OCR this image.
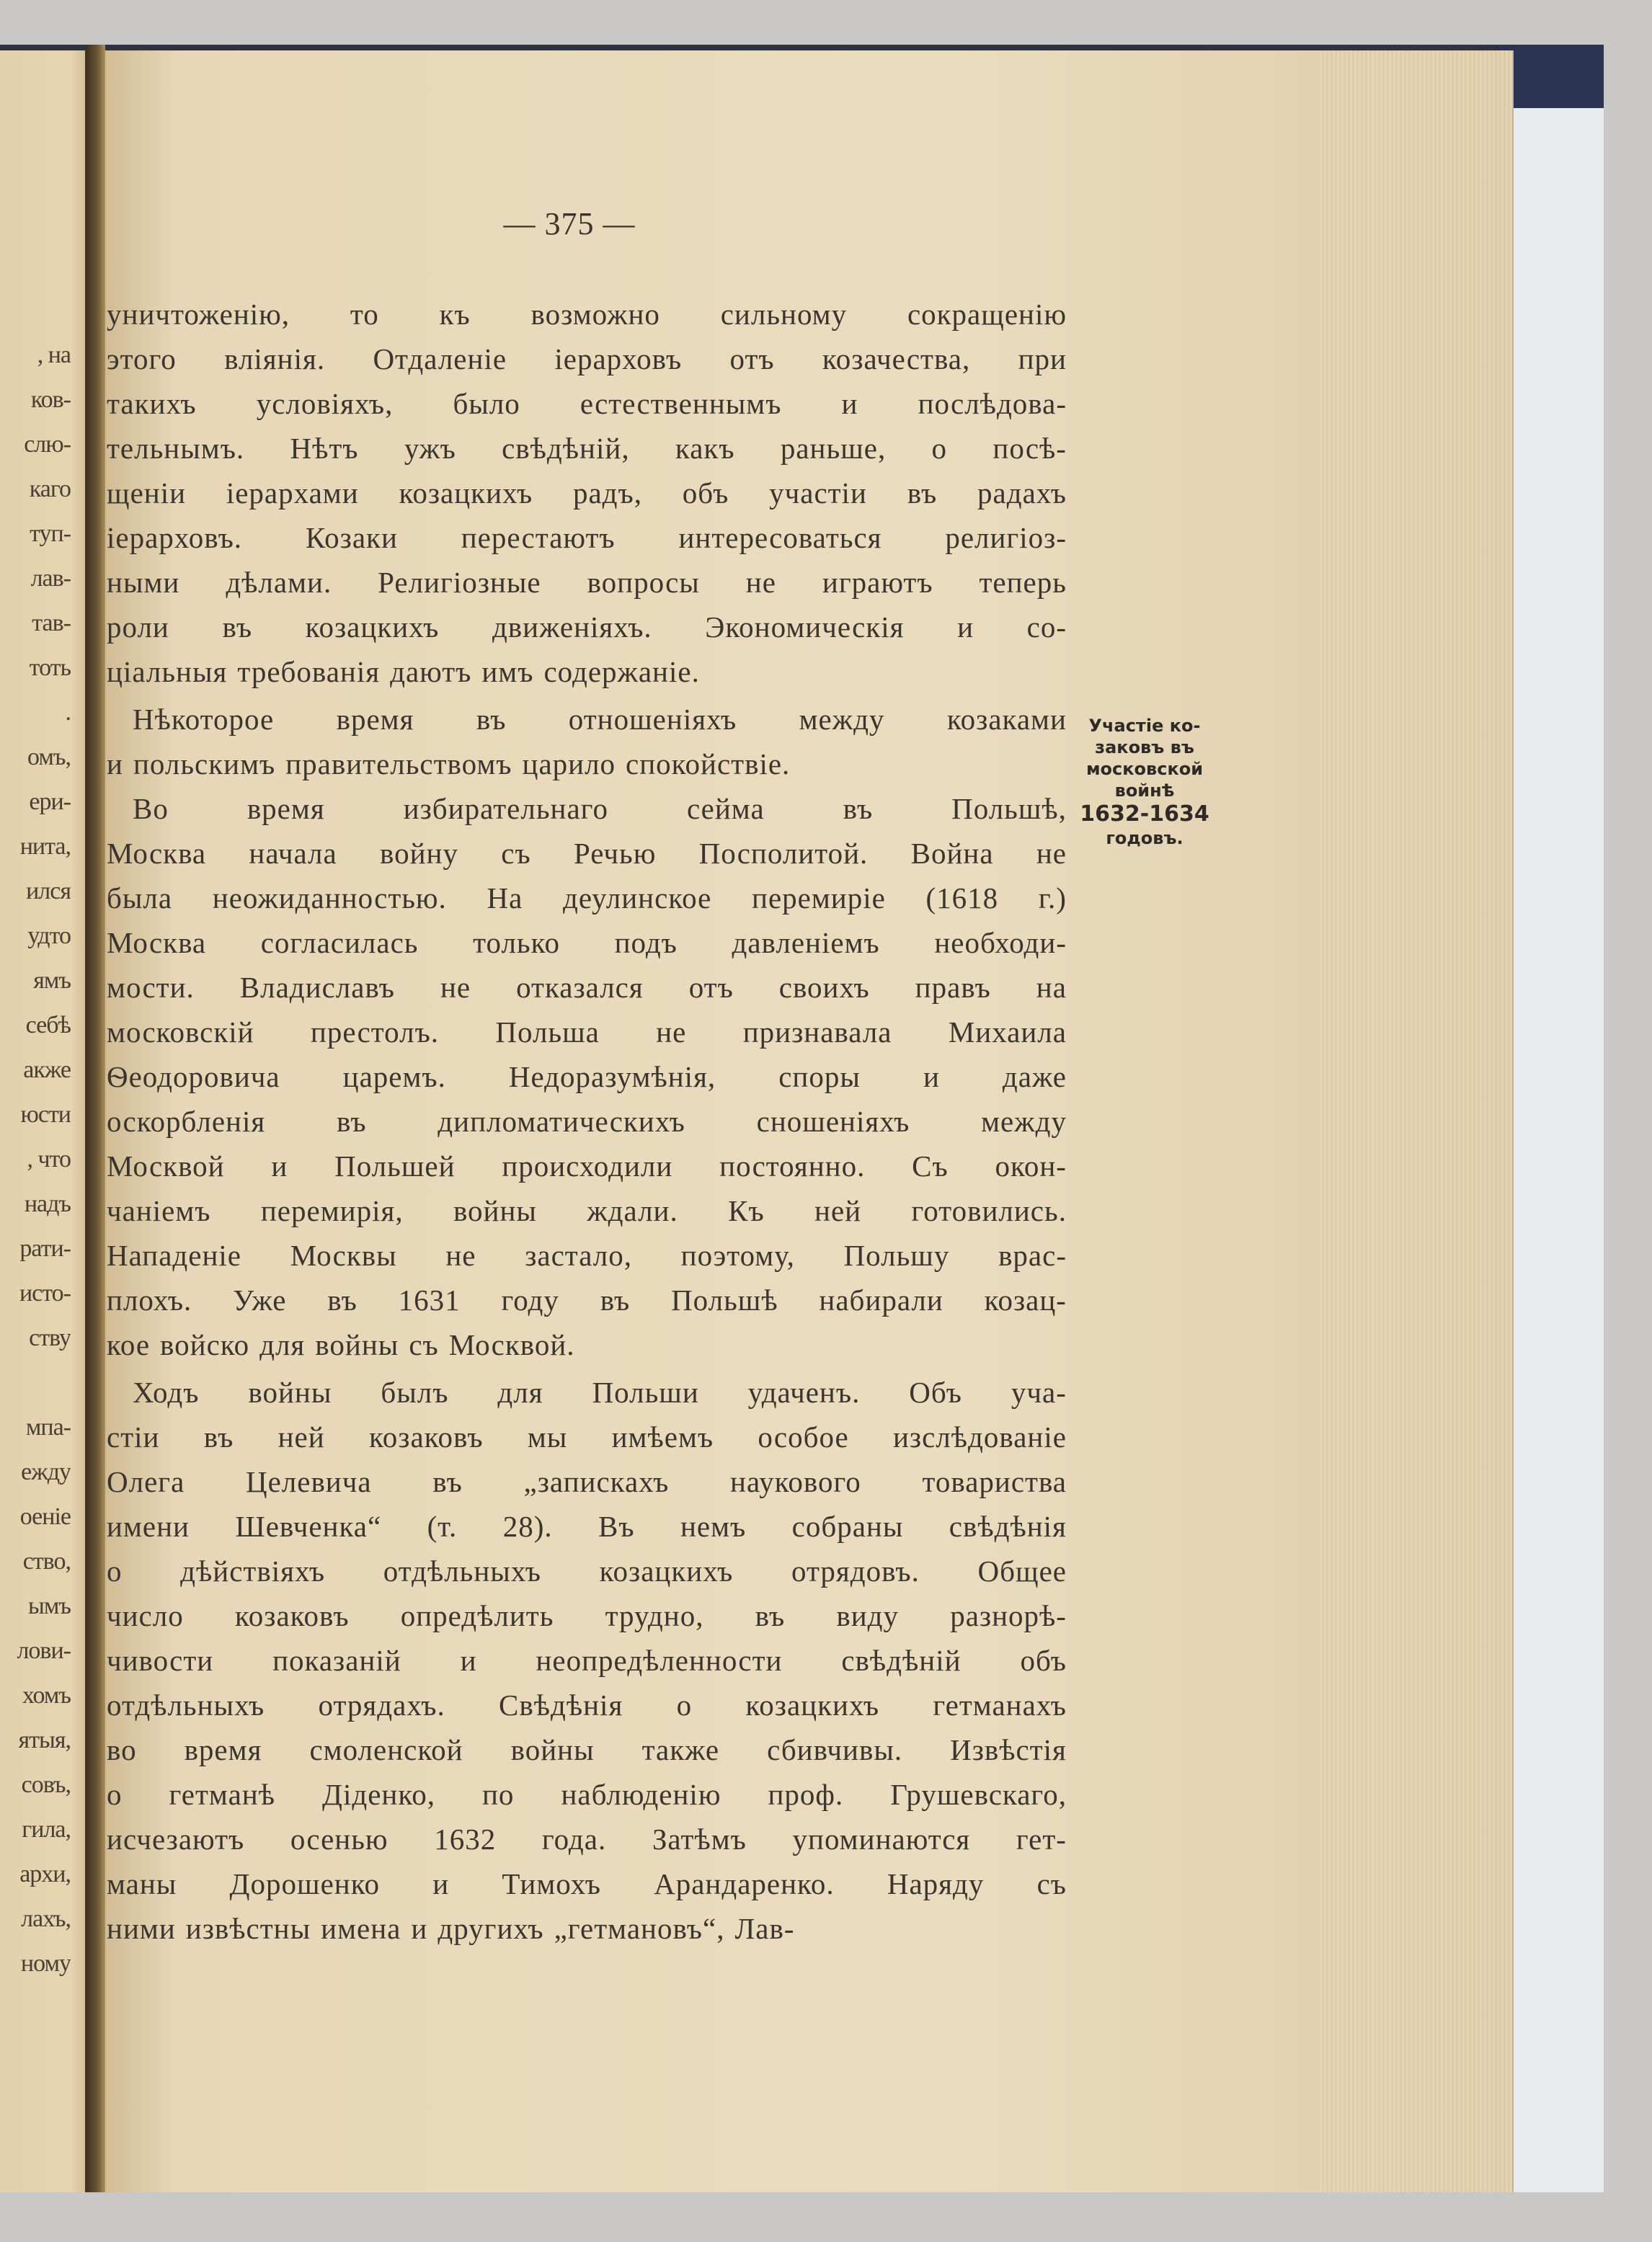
, на
ков-
слю-
каго
туп-
лав-
тав-
тоть
.
омъ,
ери-
нита,
ился
удто
ямъ
себѣ
акже
юсти
, что
надъ
рати-
исто-
ству
мпа-
ежду
оеніе
ство,
ымъ
лови-
хомъ
ятыя,
совъ,
гила,
архи,
лахъ,
ному
— 375 —
уничтоженію, то къ возможно сильному сокращенію
этого вліянія. Отдаленіе іерарховъ отъ козачества, при
такихъ условіяхъ, было естественнымъ и послѣдова-
тельнымъ. Нѣтъ ужъ свѣдѣній, какъ раньше, о посѣ-
щеніи іерархами козацкихъ радъ, объ участіи въ радахъ
іерарховъ. Козаки перестаютъ интересоваться религіоз-
ными дѣлами. Религіозные вопросы не играютъ теперь
роли въ козацкихъ движеніяхъ. Экономическія и со-
ціальныя требованія даютъ имъ содержаніе.
Нѣкоторое время въ отношеніяхъ между козаками
и польскимъ правительствомъ царило спокойствіе.
Во	время	избирательнаго	сейма	въ	Польшѣ,
Москва начала войну съ Речью Посполитой. Война не
была неожиданностью. На деулинское перемиріе (1618 г.)
Москва согласилась только подъ давленіемъ необходи-
мости. Владиславъ не отказался отъ своихъ правъ на
московскій престолъ. Польша не признавала Михаила
Ѳеодоровича царемъ. Недоразумѣнія, споры и даже
оскорбленія въ дипломатическихъ сношеніяхъ между
Москвой и Польшей происходили постоянно. Съ окон-
чаніемъ перемирія, войны ждали. Къ ней готовились.
Нападеніе Москвы не застало, поэтому, Польшу врас-
плохъ. Уже въ 1631 году въ Польшѣ набирали козац-
кое войско для войны съ Москвой.
Ходъ войны былъ для Польши удаченъ. Объ уча-
стіи въ ней козаковъ мы имѣемъ особое изслѣдованіе
Олега Целевича въ „запискахъ наукового товариства
имени Шевченка“ (т. 28). Въ немъ собраны свѣдѣнія
о дѣйствіяхъ отдѣльныхъ козацкихъ отрядовъ. Общее
число козаковъ опредѣлить трудно, въ виду разнорѣ-
чивости показаній и неопредѣленности свѣдѣній объ
отдѣльныхъ отрядахъ. Свѣдѣнія о козацкихъ гетманахъ
во время смоленской войны также сбивчивы. Извѣстія
о гетманѣ Діденко, по наблюденію проф. Грушевскаго,
исчезаютъ осенью 1632 года. Затѣмъ упоминаются гет-
маны Дорошенко и Тимохъ Арандаренко. Наряду съ
ними извѣстны имена и другихъ „гетмановъ“, Лав-
Участіе ко-
заковъ въ
московской
войнѣ
1632-1634
годовъ.
